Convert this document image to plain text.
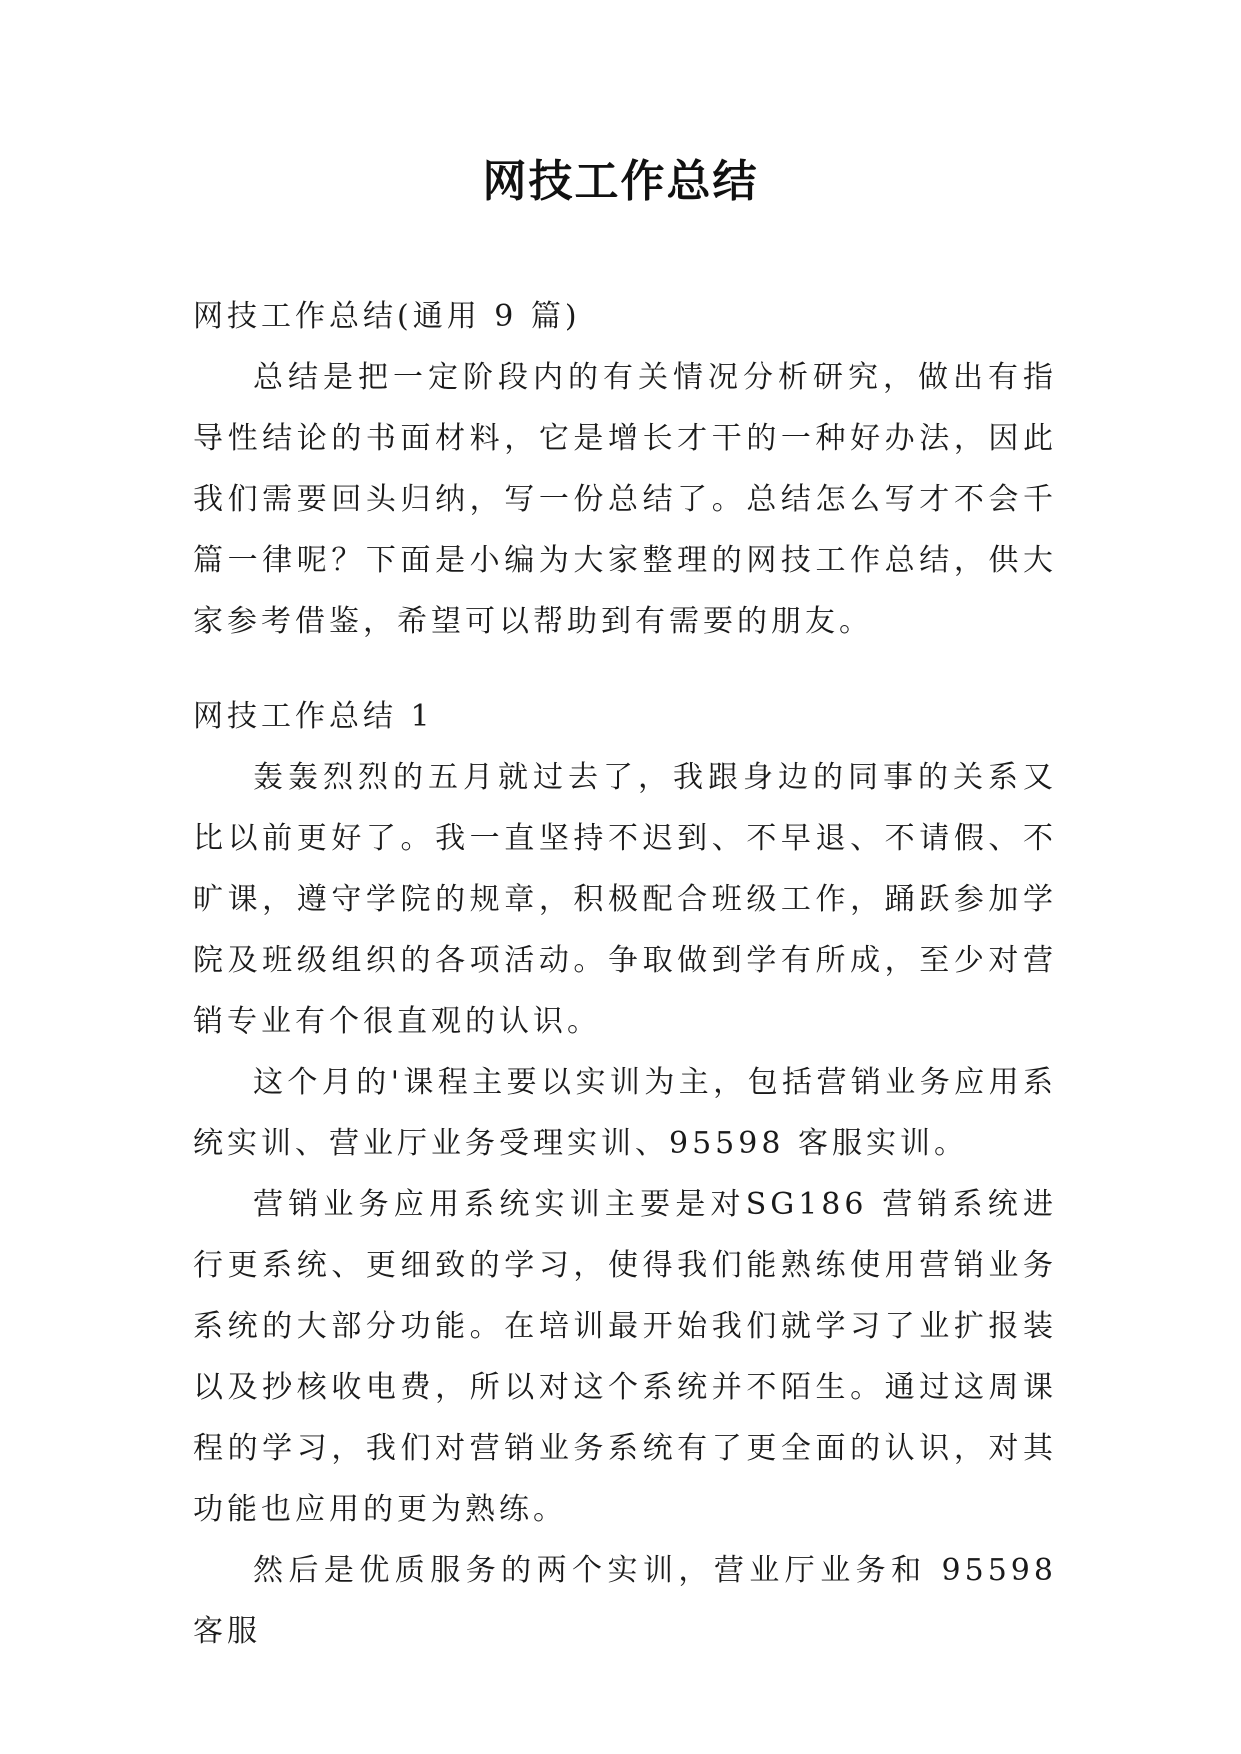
网技工作总结

网技工作总结(通用 9 篇)

总结是把一定阶段内的有关情况分析研究，做出有指导性结论的书面材料，它是增长才干的一种好办法，因此我们需要回头归纳，写一份总结了。总结怎么写才不会千篇一律呢？下面是小编为大家整理的网技工作总结，供大家参考借鉴，希望可以帮助到有需要的朋友。

网技工作总结 1

轰轰烈烈的五月就过去了，我跟身边的同事的关系又比以前更好了。我一直坚持不迟到、不早退、不请假、不旷课，遵守学院的规章，积极配合班级工作，踊跃参加学院及班级组织的各项活动。争取做到学有所成，至少对营销专业有个很直观的认识。

这个月的'课程主要以实训为主，包括营销业务应用系统实训、营业厅业务受理实训、95598 客服实训。

营销业务应用系统实训主要是对SG186 营销系统进行更系统、更细致的学习，使得我们能熟练使用营销业务系统的大部分功能。在培训最开始我们就学习了业扩报装以及抄核收电费，所以对这个系统并不陌生。通过这周课程的学习，我们对营销业务系统有了更全面的认识，对其功能也应用的更为熟练。

然后是优质服务的两个实训，营业厅业务和 95598 客服
